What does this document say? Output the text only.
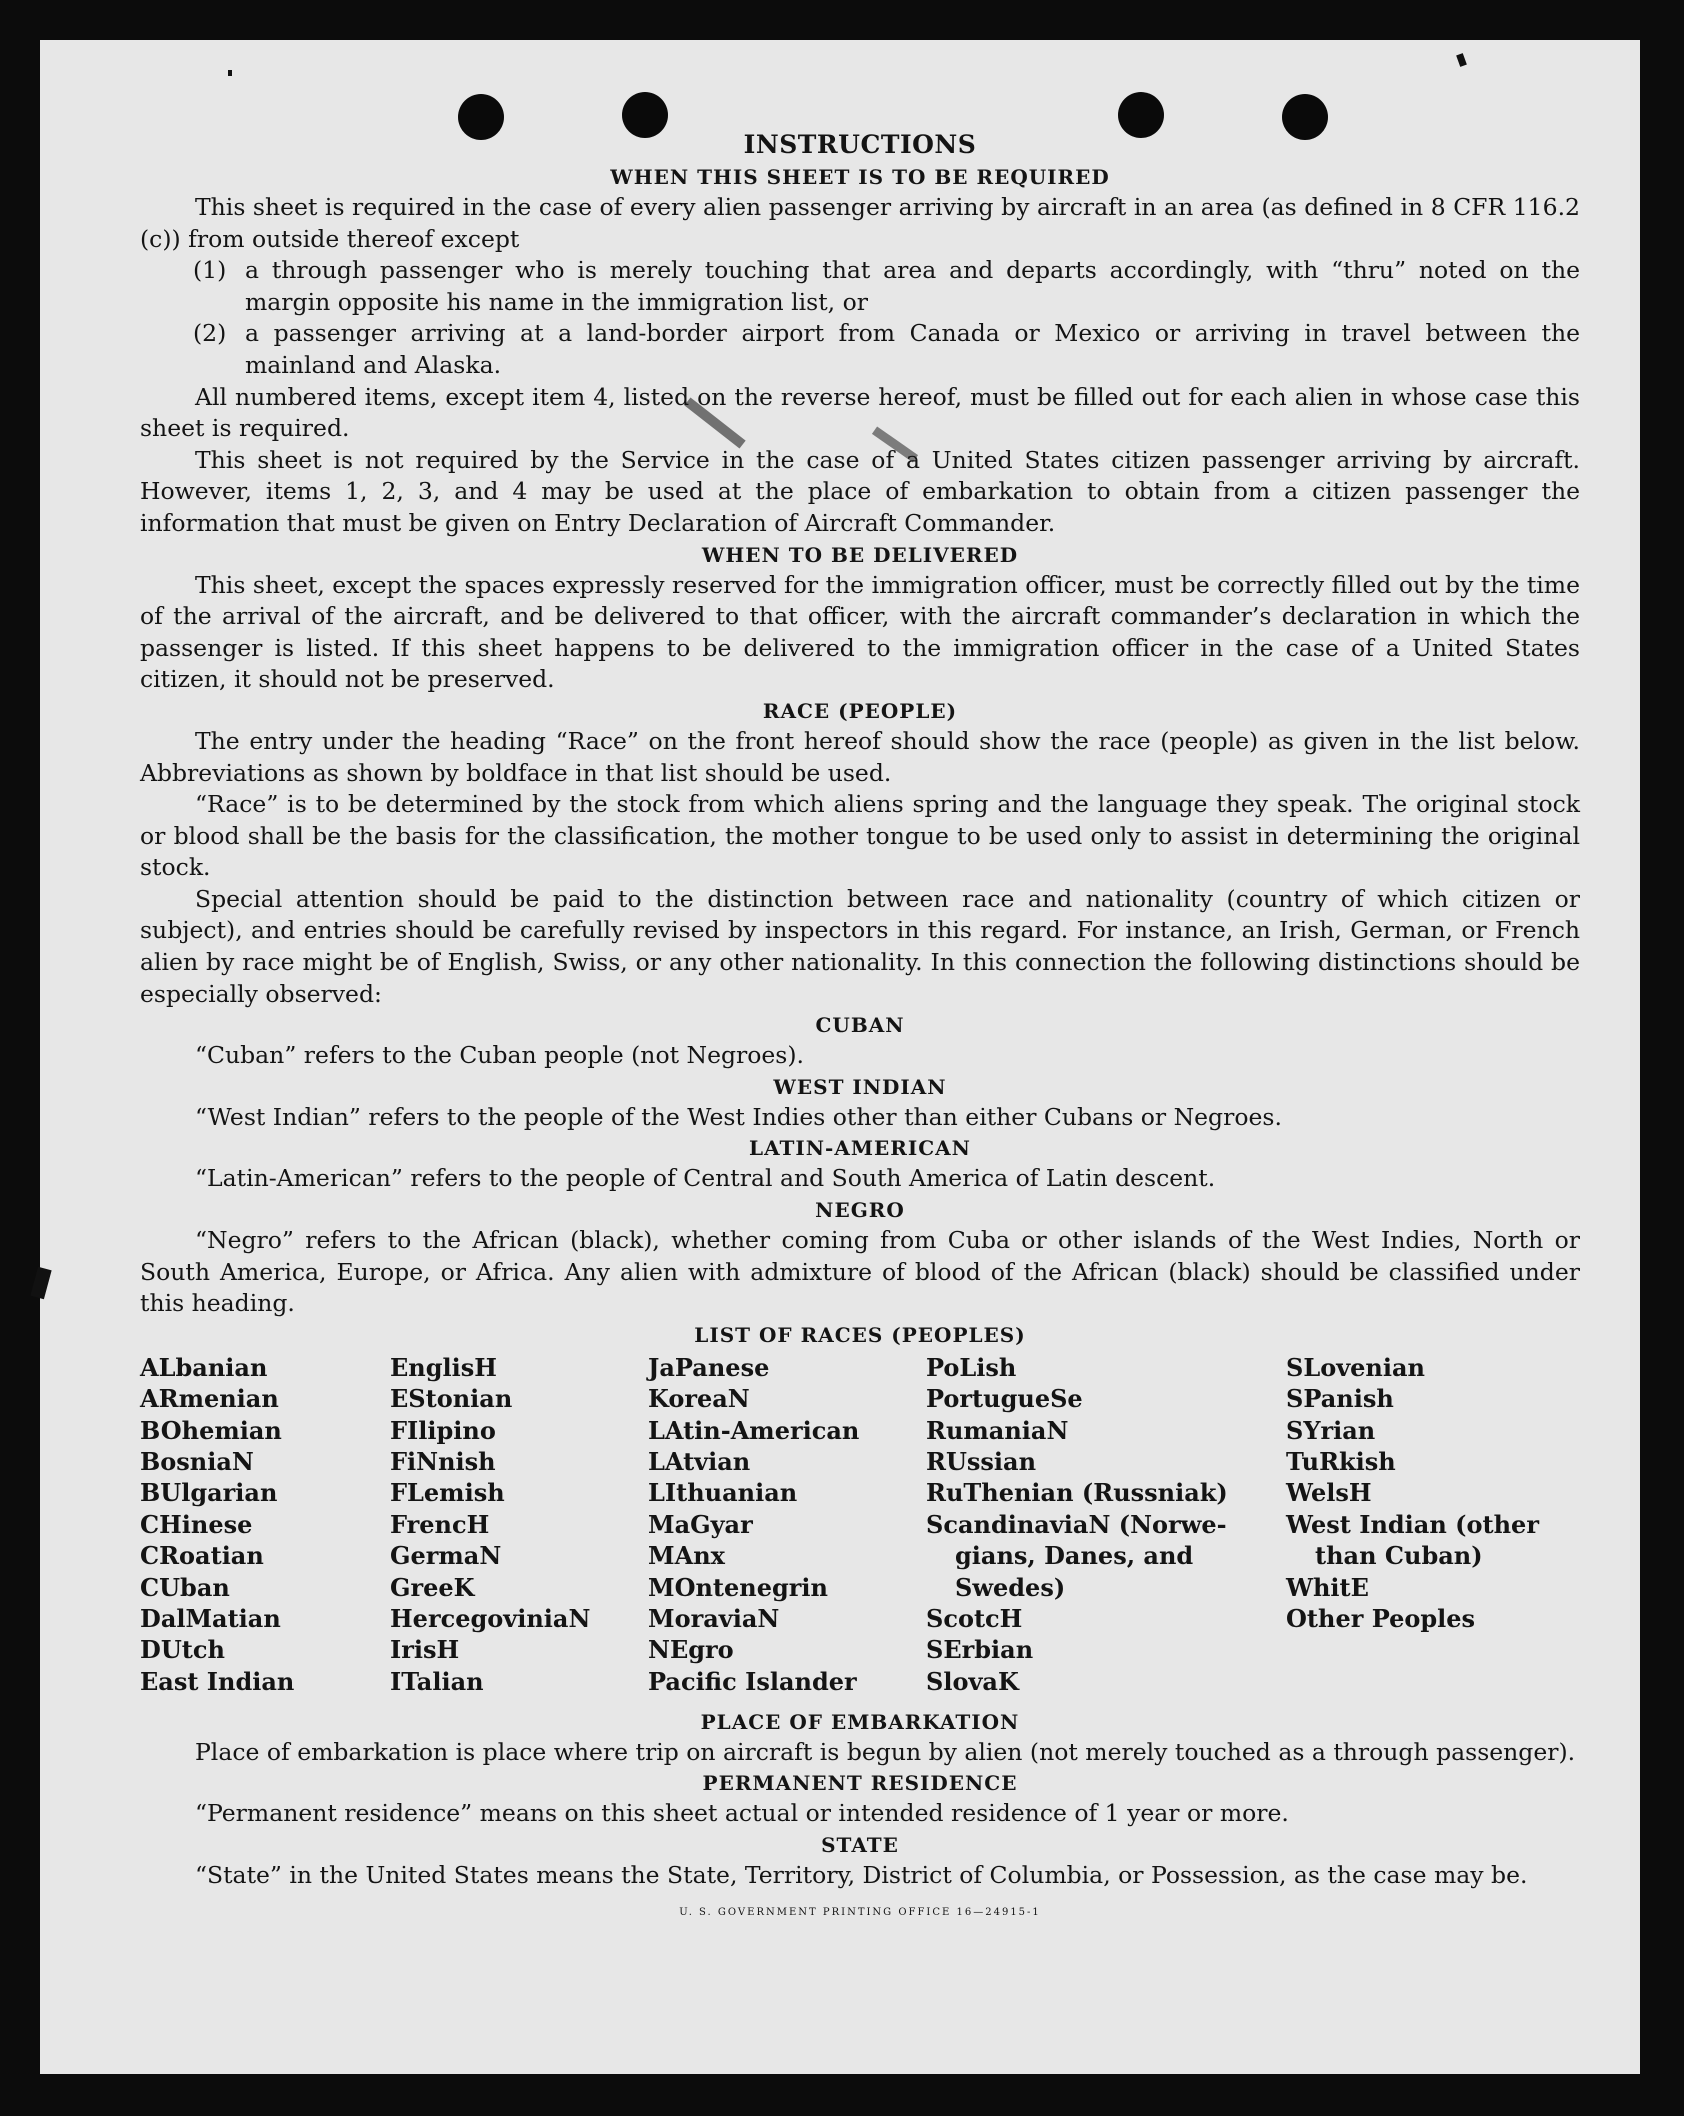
INSTRUCTIONS
WHEN THIS SHEET IS TO BE REQUIRED

This sheet is required in the case of every alien passenger arriving by aircraft in an area (as defined in 8 CFR 116.2 (c)) from outside thereof except

(1) a through passenger who is merely touching that area and departs accordingly, with “thru” noted on the margin opposite his name in the immigration list, or
(2) a passenger arriving at a land-border airport from Canada or Mexico or arriving in travel between the mainland and Alaska.

All numbered items, except item 4, listed on the reverse hereof, must be filled out for each alien in whose case this sheet is required.

This sheet is not required by the Service in the case of a United States citizen passenger arriving by aircraft. However, items 1, 2, 3, and 4 may be used at the place of embarkation to obtain from a citizen passenger the information that must be given on Entry Declaration of Aircraft Commander.

WHEN TO BE DELIVERED

This sheet, except the spaces expressly reserved for the immigration officer, must be correctly filled out by the time of the arrival of the aircraft, and be delivered to that officer, with the aircraft commander’s declaration in which the passenger is listed. If this sheet happens to be delivered to the immigration officer in the case of a United States citizen, it should not be preserved.

RACE (PEOPLE)

The entry under the heading “Race” on the front hereof should show the race (people) as given in the list below. Abbreviations as shown by boldface in that list should be used.

“Race” is to be determined by the stock from which aliens spring and the language they speak. The original stock or blood shall be the basis for the classification, the mother tongue to be used only to assist in determining the original stock.

Special attention should be paid to the distinction between race and nationality (country of which citizen or subject), and entries should be carefully revised by inspectors in this regard. For instance, an Irish, German, or French alien by race might be of English, Swiss, or any other nationality. In this connection the following distinctions should be especially observed:

CUBAN

“Cuban” refers to the Cuban people (not Negroes).

WEST INDIAN

“West Indian” refers to the people of the West Indies other than either Cubans or Negroes.

LATIN-AMERICAN

“Latin-American” refers to the people of Central and South America of Latin descent.

NEGRO

“Negro” refers to the African (black), whether coming from Cuba or other islands of the West Indies, North or South America, Europe, or Africa. Any alien with admixture of blood of the African (black) should be classified under this heading.

LIST OF RACES (PEOPLES)
ALbanian
ARmenian
BOhemian
BosniaN
BUlgarian
CHinese
CRoatian
CUban
DalMatian
DUtch
East Indian
EnglisH
EStonian
FIlipino
FiNnish
FLemish
FrencH
GermaN
GreeK
HercegoviniaN
IrisH
ITalian
JaPanese
KoreaN
LAtin-American
LAtvian
LIthuanian
MaGyar
MAnx
MOntenegrin
MoraviaN
NEgro
Pacific Islander
PoLish
PortugueSe
RumaniaN
RUssian
RuThenian (Russniak)
ScandinaviaN (Norwe-
gians, Danes, and
Swedes)
ScotcH
SErbian
SlovaK
SLovenian
SPanish
SYrian
TuRkish
WelsH
West Indian (other
than Cuban)
WhitE
Other Peoples
PLACE OF EMBARKATION

Place of embarkation is place where trip on aircraft is begun by alien (not merely touched as a through passenger).

PERMANENT RESIDENCE

“Permanent residence” means on this sheet actual or intended residence of 1 year or more.

STATE

“State” in the United States means the State, Territory, District of Columbia, or Possession, as the case may be.

U. S. GOVERNMENT PRINTING OFFICE 16—24915-1
